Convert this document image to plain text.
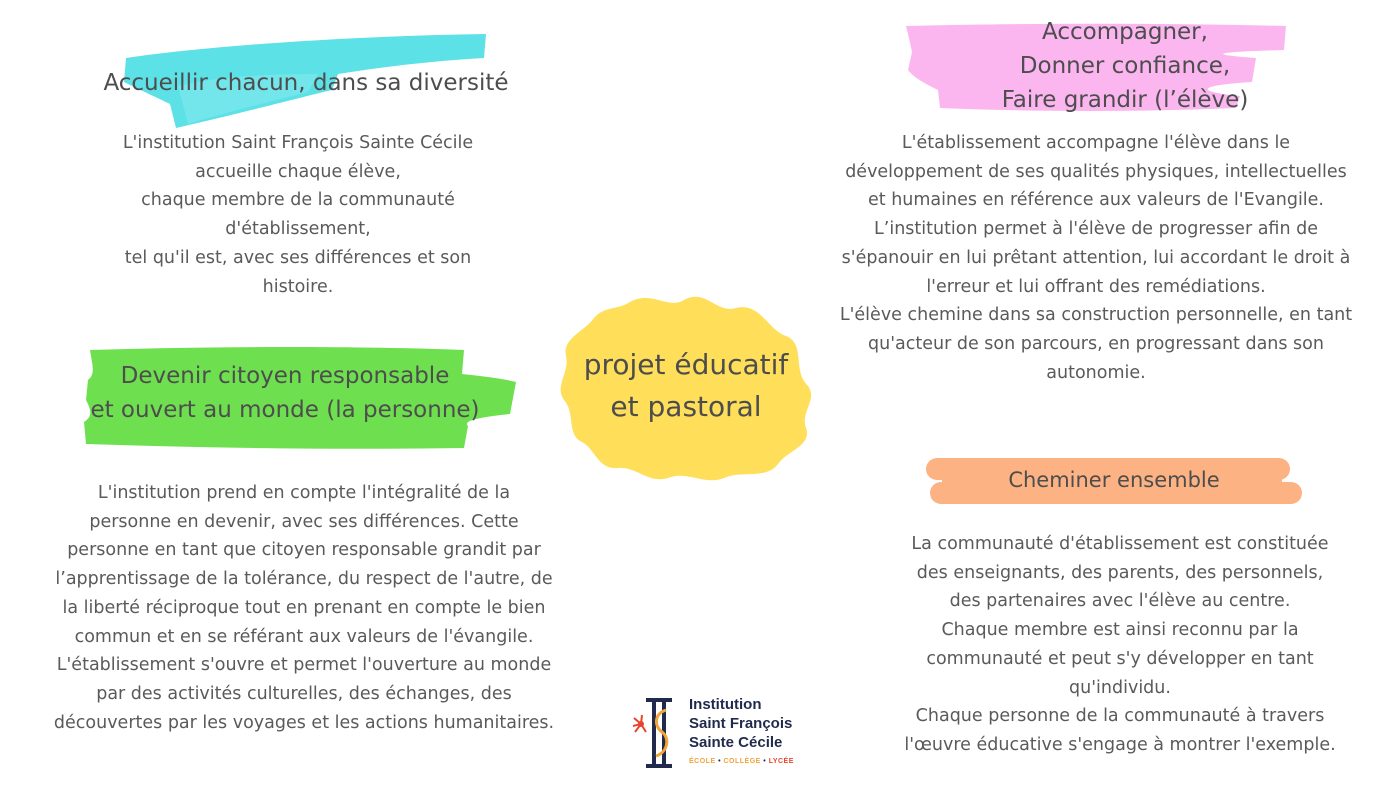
Accueillir chacun, dans sa diversité
L'institution Saint François Sainte Cécile
accueille chaque élève,
chaque membre de la communauté
d'établissement,
tel qu'il est, avec ses différences et son
histoire.
Accompagner,
Donner confiance,
Faire grandir (l’élève)
L'établissement accompagne l'élève dans le
développement de ses qualités physiques, intellectuelles
et humaines en référence aux valeurs de l'Evangile.
L’institution permet à l'élève de progresser afin de
s'épanouir en lui prêtant attention, lui accordant le droit à
l'erreur et lui offrant des remédiations.
L'élève chemine dans sa construction personnelle, en tant
qu'acteur de son parcours, en progressant dans son
autonomie.
Devenir citoyen responsable
et ouvert au monde (la personne)
L'institution prend en compte l'intégralité de la
personne en devenir, avec ses différences. Cette
personne en tant que citoyen responsable grandit par
l’apprentissage de la tolérance, du respect de l'autre, de
la liberté réciproque tout en prenant en compte le bien
commun et en se référant aux valeurs de l'évangile.
L'établissement s'ouvre et permet l'ouverture au monde
par des activités culturelles, des échanges, des
découvertes par les voyages et les actions humanitaires.
projet éducatif
et pastoral
Cheminer ensemble
La communauté d'établissement est constituée
des enseignants, des parents, des personnels,
des partenaires avec l'élève au centre.
Chaque membre est ainsi reconnu par la
communauté et peut s'y développer en tant
qu'individu.
Chaque personne de la communauté à travers
l'œuvre éducative s'engage à montrer l'exemple.
Institution
Saint François
Sainte Cécile
ÉCOLE • COLLÈGE • LYCÉE
